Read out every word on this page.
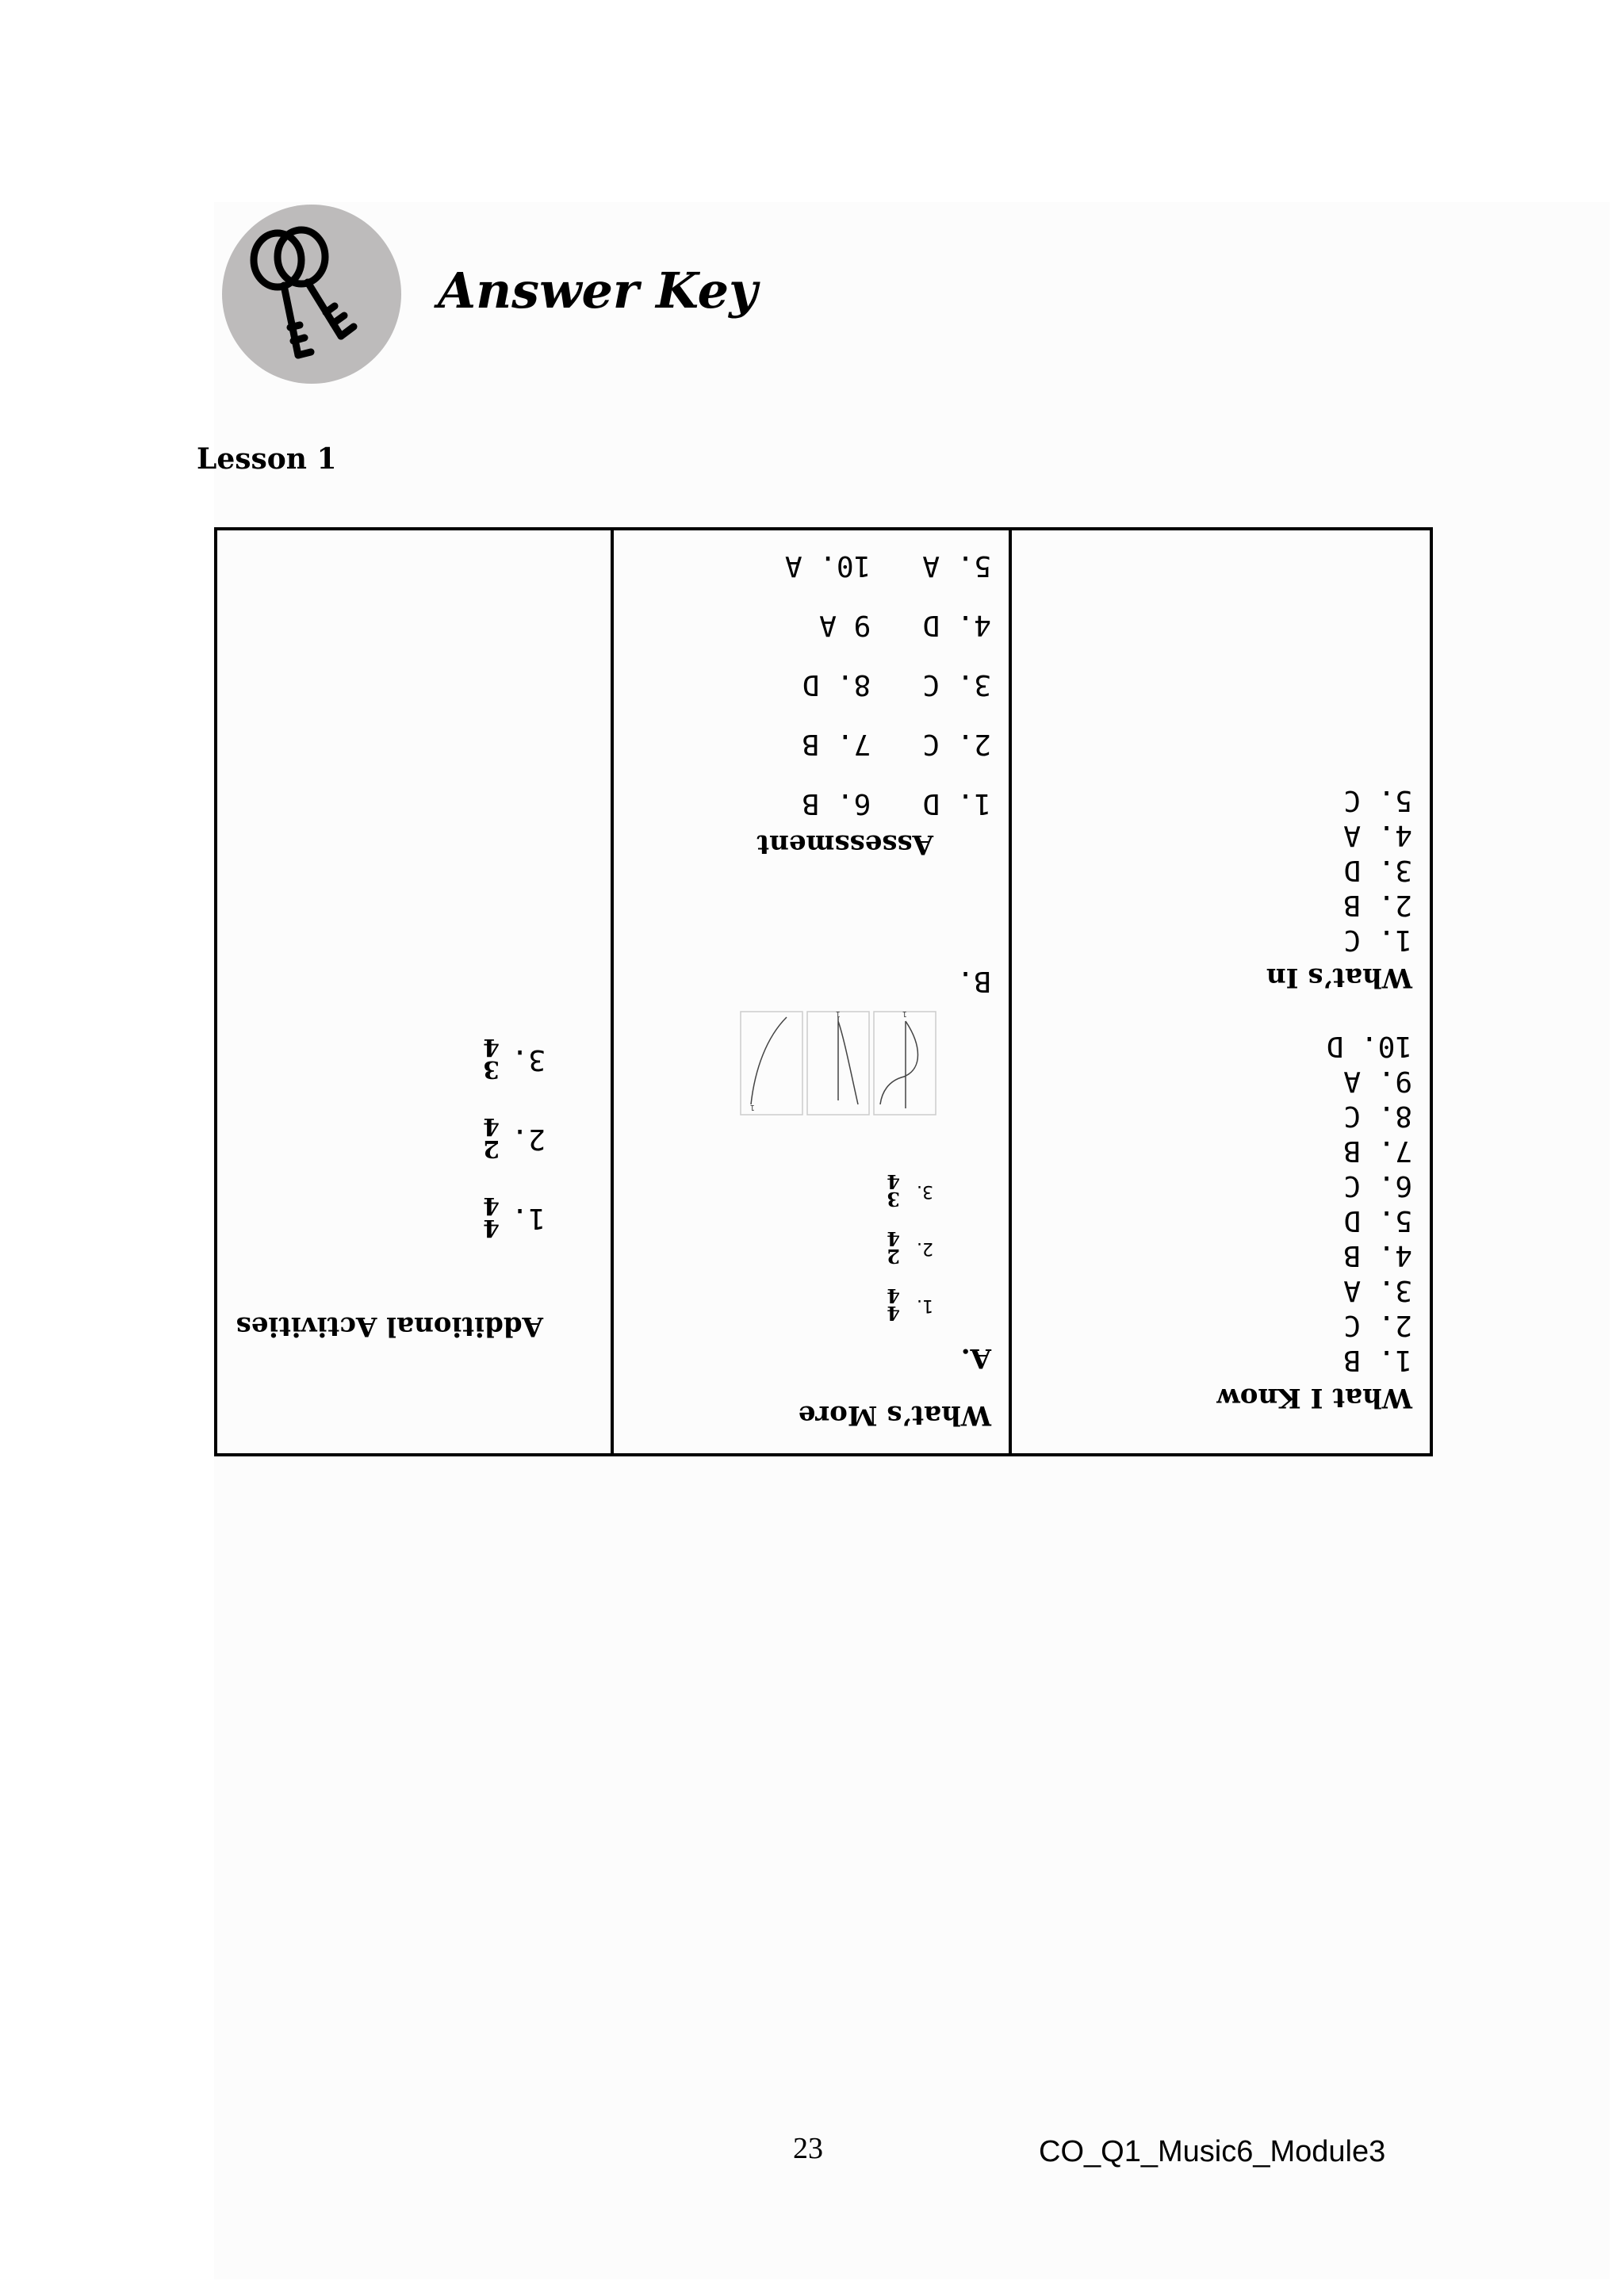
Answer Key
Lesson 1
Additional Activities
1.
4
4
2.
2
4
3.
3
4
What’s More
A.
1.
4
4
2.
2
4
3.
3
4
B.
1
1
1
Assessment
1. D   6. B
2. C   7. B
3. C   8. D
4. D   9 A
5. A   10. A
What I Know
1. B
2. C
3. A
4. B
5. D
6. C
7. B
8. C
9. A
10. D
What’s In
1. C
2. B
3. D
4. A
5. C
23	CO_Q1_Music6_Module3
